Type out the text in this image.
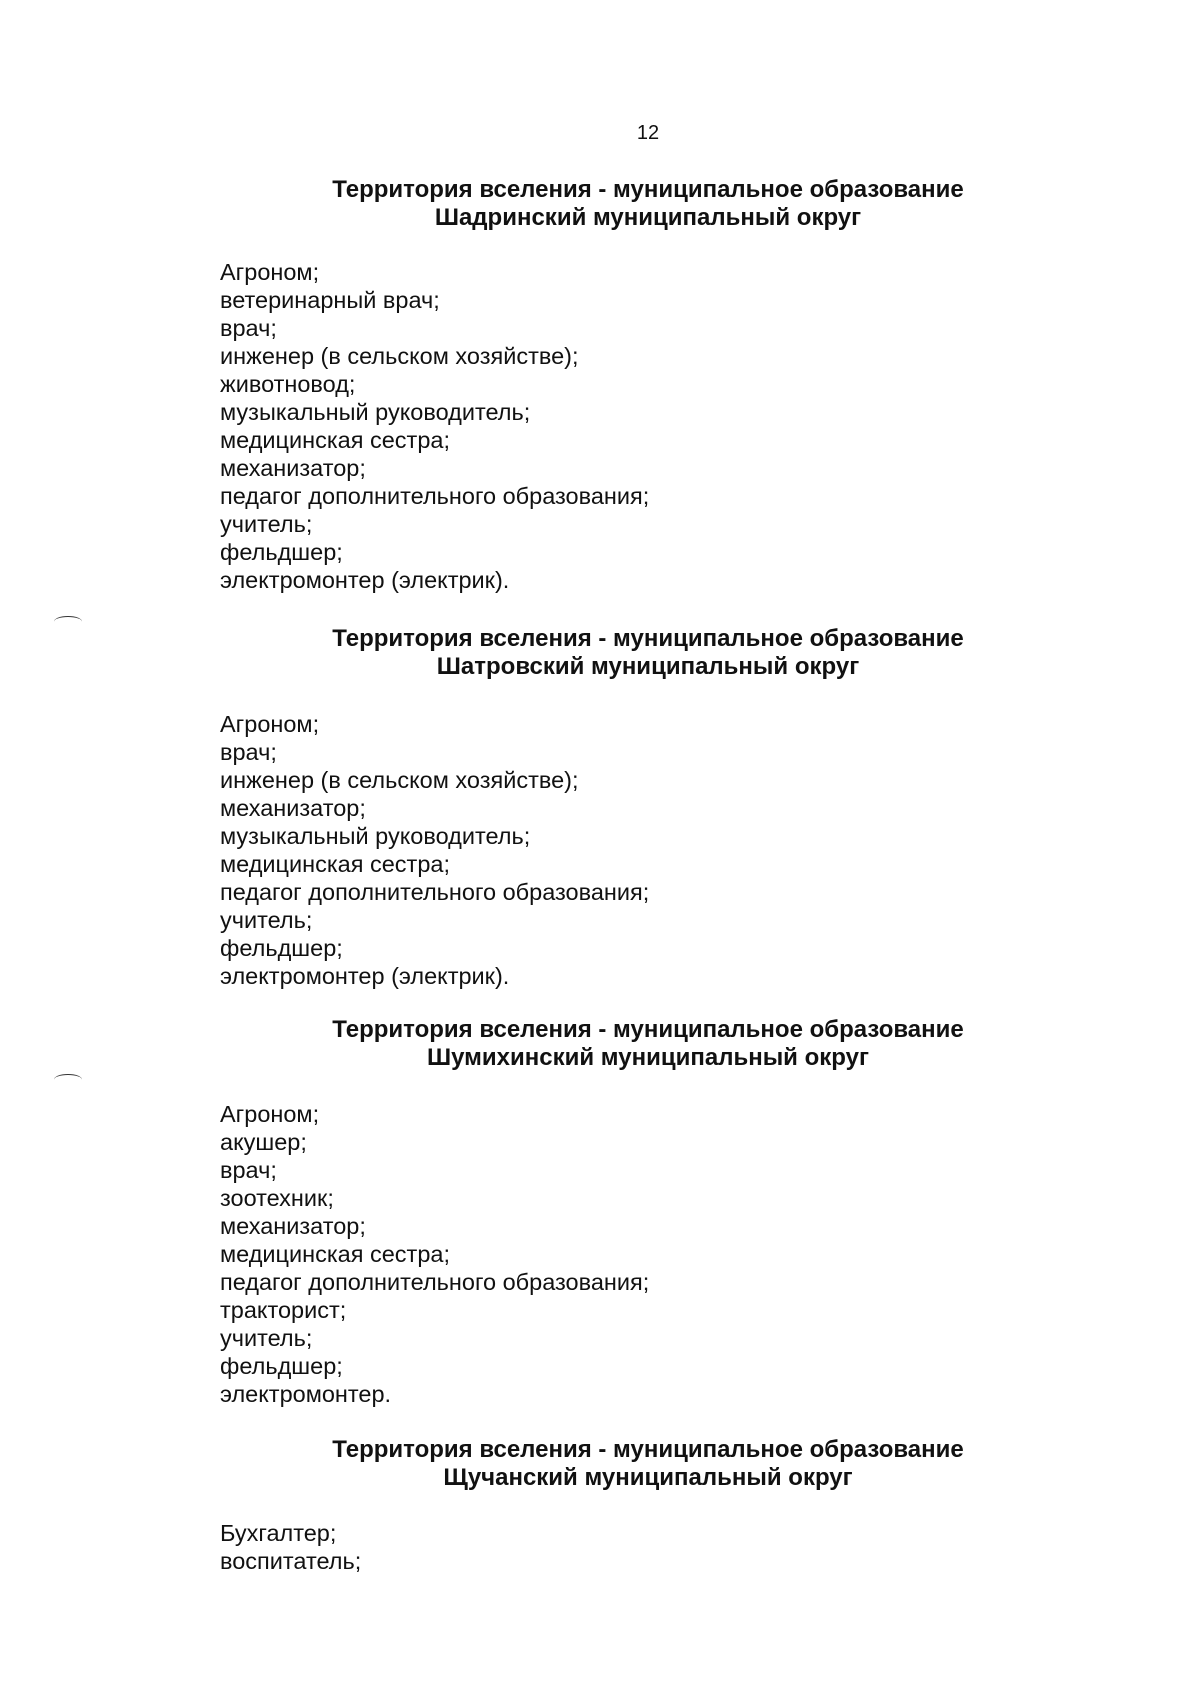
12
Территория вселения - муниципальное образование
Шадринский муниципальный округ
Агроном;
ветеринарный врач;
врач;
инженер (в сельском хозяйстве);
животновод;
музыкальный руководитель;
медицинская сестра;
механизатор;
педагог дополнительного образования;
учитель;
фельдшер;
электромонтер (электрик).
Территория вселения - муниципальное образование
Шатровский муниципальный округ
Агроном;
врач;
инженер (в сельском хозяйстве);
механизатор;
музыкальный руководитель;
медицинская сестра;
педагог дополнительного образования;
учитель;
фельдшер;
электромонтер (электрик).
Территория вселения - муниципальное образование
Шумихинский муниципальный округ
Агроном;
акушер;
врач;
зоотехник;
механизатор;
медицинская сестра;
педагог дополнительного образования;
тракторист;
учитель;
фельдшер;
электромонтер.
Территория вселения - муниципальное образование
Щучанский муниципальный округ
Бухгалтер;
воспитатель;
